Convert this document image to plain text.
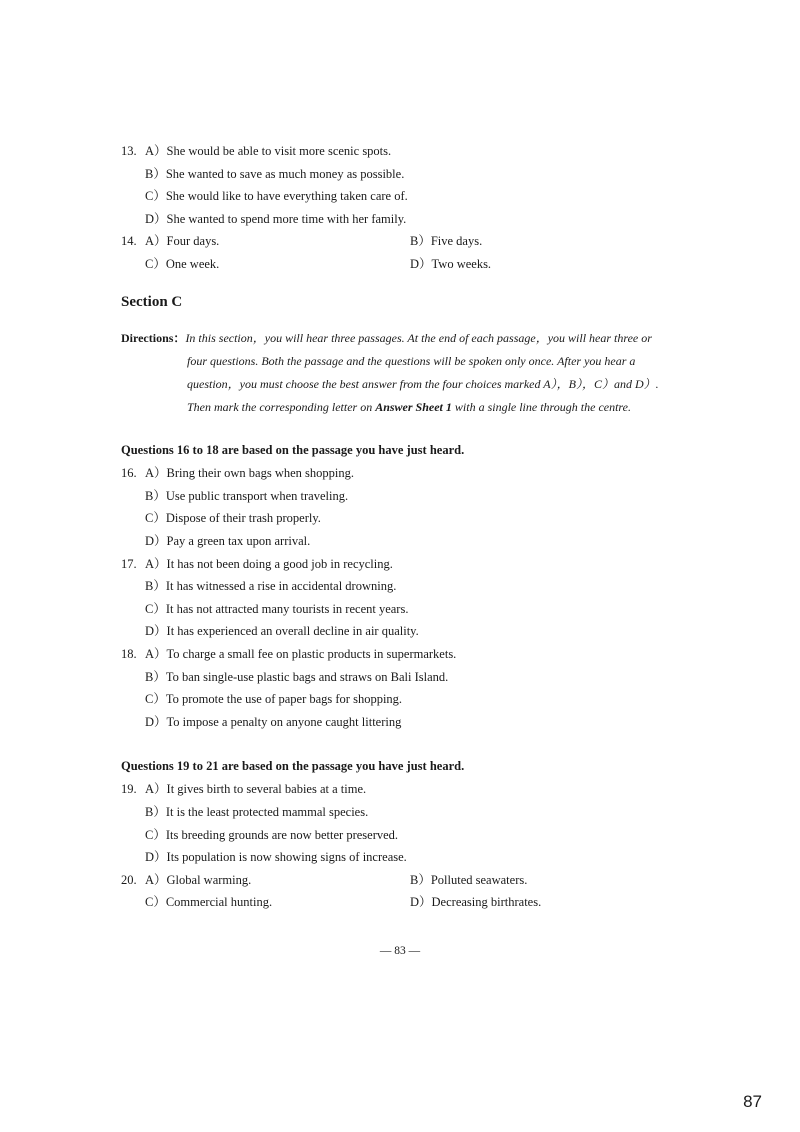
13. A）She would be able to visit more scenic spots.
B）She wanted to save as much money as possible.
C）She would like to have everything taken care of.
D）She wanted to spend more time with her family.
14. A）Four days.	B）Five days.
C）One week.	D）Two weeks.
Section C
Directions：In this section，you will hear three passages. At the end of each passage，you will hear three or
four questions. Both the passage and the questions will be spoken only once. After you hear a
question，you must choose the best answer from the four choices marked A），B），C）and D）.
Then mark the corresponding letter on Answer Sheet 1 with a single line through the centre.
Questions 16 to 18 are based on the passage you have just heard.
16. A）Bring their own bags when shopping.
B）Use public transport when traveling.
C）Dispose of their trash properly.
D）Pay a green tax upon arrival.
17. A）It has not been doing a good job in recycling.
B）It has witnessed a rise in accidental drowning.
C）It has not attracted many tourists in recent years.
D）It has experienced an overall decline in air quality.
18. A）To charge a small fee on plastic products in supermarkets.
B）To ban single-use plastic bags and straws on Bali Island.
C）To promote the use of paper bags for shopping.
D）To impose a penalty on anyone caught littering
Questions 19 to 21 are based on the passage you have just heard.
19. A）It gives birth to several babies at a time.
B）It is the least protected mammal species.
C）Its breeding grounds are now better preserved.
D）Its population is now showing signs of increase.
20. A）Global warming.	B）Polluted seawaters.
C）Commercial hunting.	D）Decreasing birthrates.
— 83 —
87
